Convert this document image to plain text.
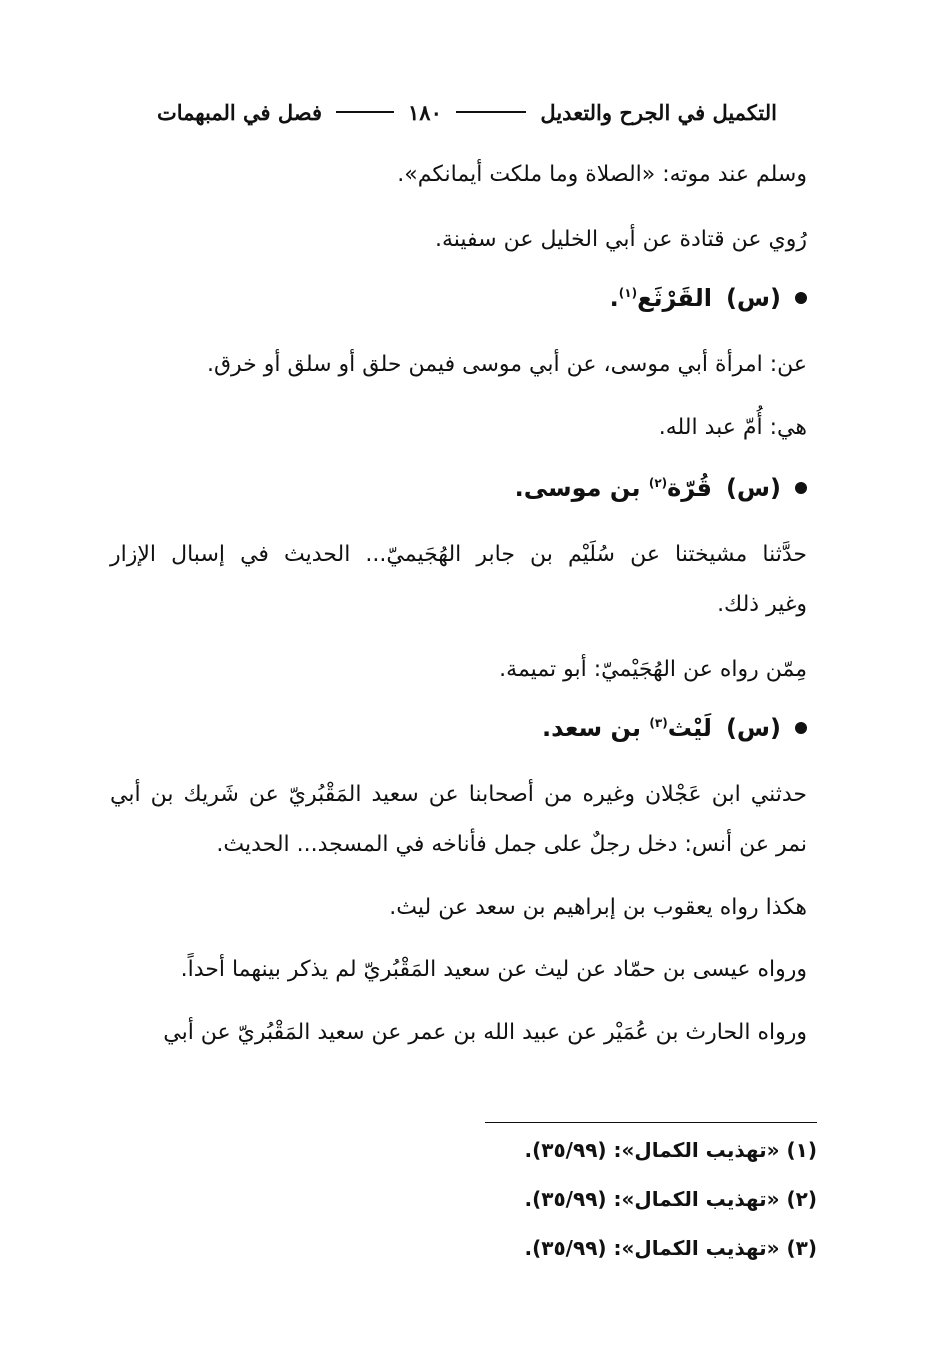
التكميل في الجرح والتعديل
١٨٠
فصل في المبهمات
وسلم عند موته: «الصلاة وما ملكت أيمانكم».
رُوي عن قتادة عن أبي الخليل عن سفينة.
(س)
القَرْثَع$^{(١)}$.
عن: امرأة أبي موسى، عن أبي موسى فيمن حلق أو سلق أو خرق.
هي: أُمّ عبد الله.
(س)
قُرّة$^{(٢)}$ بن موسى.
حدَّثنا مشيختنا عن سُلَيْم بن جابر الهُجَيميّ... الحديث في إسبال الإزار
وغير ذلك.
مِمّن رواه عن الهُجَيْميّ: أبو تميمة.
(س)
لَيْث$^{(٣)}$ بن سعد.
حدثني ابن عَجْلان وغيره من أصحابنا عن سعيد المَقْبُريّ عن شَريك بن أبي
نمر عن أنس: دخل رجلٌ على جمل فأناخه في المسجد... الحديث.
هكذا رواه يعقوب بن إبراهيم بن سعد عن ليث.
ورواه عيسى بن حمّاد عن ليث عن سعيد المَقْبُريّ لم يذكر بينهما أحداً.
ورواه الحارث بن عُمَيْر عن عبيد الله بن عمر عن سعيد المَقْبُريّ عن أبي
(١) «تهذيب الكمال»: (٣٥/٩٩).
(٢) «تهذيب الكمال»: (٣٥/٩٩).
(٣) «تهذيب الكمال»: (٣٥/٩٩).
